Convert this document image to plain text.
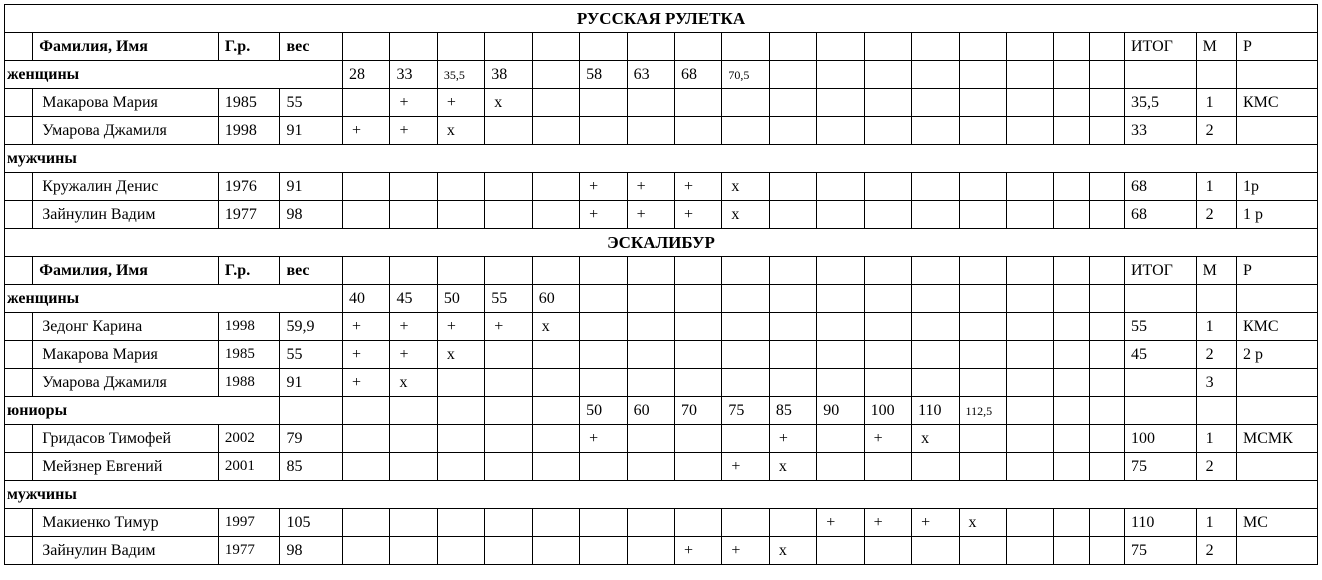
РУССКАЯ РУЛЕТКА																							
	Фамилия, Имя	Г.р.	вес																		ИТОГ	М	Р
женщины				28	33	35,5	38		58	63	68	70,5											
	Макарова Мария	1985	55		+	+	х														35,5	1	КМС
	Умарова Джамиля	1998	91	+	+	х															33	2	
мужчины																							
	Кружалин Денис	1976	91						+	+	+	х									68	1	1р
	Зайнулин Вадим	1977	98						+	+	+	х									68	2	1 р
ЭСКАЛИБУР																							
	Фамилия, Имя	Г.р.	вес																		ИТОГ	М	Р
женщины				40	45	50	55	60															
	Зедонг Карина	1998	59,9	+	+	+	+	х													55	1	КМС
	Макарова Мария	1985	55	+	+	х															45	2	2 р
	Умарова Джамиля	1988	91	+	х																	3	
юниоры									50	60	70	75	85	90	100	110	112,5						
	Гридасов Тимофей	2002	79						+				+		+	х					100	1	МСМК
	Мейзнер Евгений	2001	85									+	х								75	2	
мужчины																							
	Макиенко Тимур	1997	105											+	+	+	х				110	1	МС
	Зайнулин Вадим	1977	98								+	+	х								75	2	
